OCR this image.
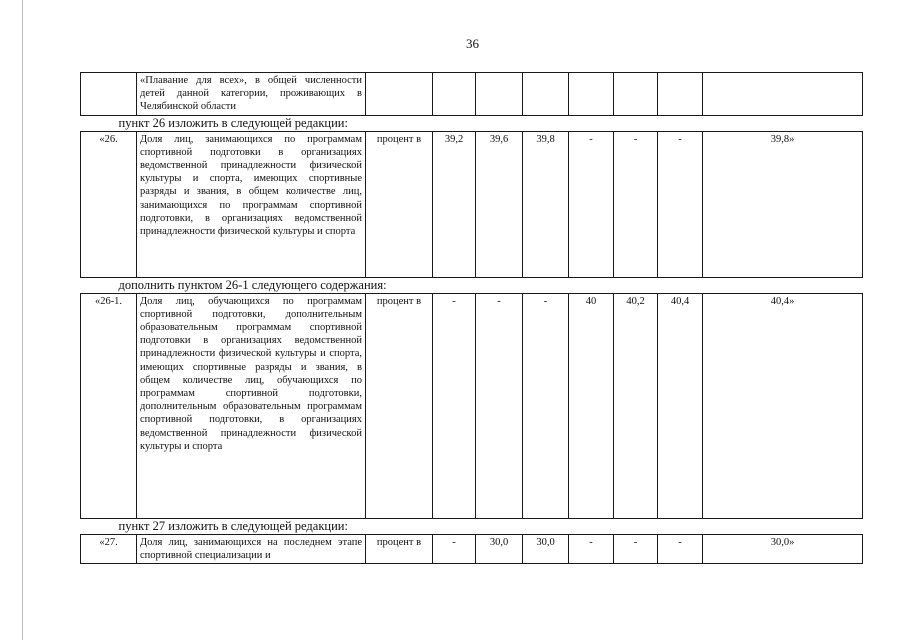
36
	«Плавание для всех», в общей численности детей данной категории, проживающих в Челябинской области								
пункт 26 изложить в следующей редакции:									
«26.	Доля лиц, занимающихся по программам спортивной подготовки в организациях ведомственной принадлежности физической культуры и спорта, имеющих спортивные разряды и звания, в общем количестве лиц, занимающихся по программам спортивной подготовки, в организациях ведомственной принадлежности физической культуры и спорта	процент в	39,2	39,6	39,8	-	-	-	39,8»
дополнить пунктом 26-1 следующего содержания:									
«26-1.	Доля лиц, обучающихся по программам спортивной подготовки, дополнительным образовательным программам спортивной подготовки в организациях ведомственной принадлежности физической культуры и спорта, имеющих спортивные разряды и звания, в общем количестве лиц, обучающихся по программам спортивной подготовки, дополнительным образовательным программам спортивной подготовки, в организациях ведомственной принадлежности физической культуры и спорта	процент в	-	-	-	40	40,2	40,4	40,4»
пункт 27 изложить в следующей редакции:									
«27.	Доля лиц, занимающихся на последнем этапе спортивной специализации и	процент в	-	30,0	30,0	-	-	-	30,0»
